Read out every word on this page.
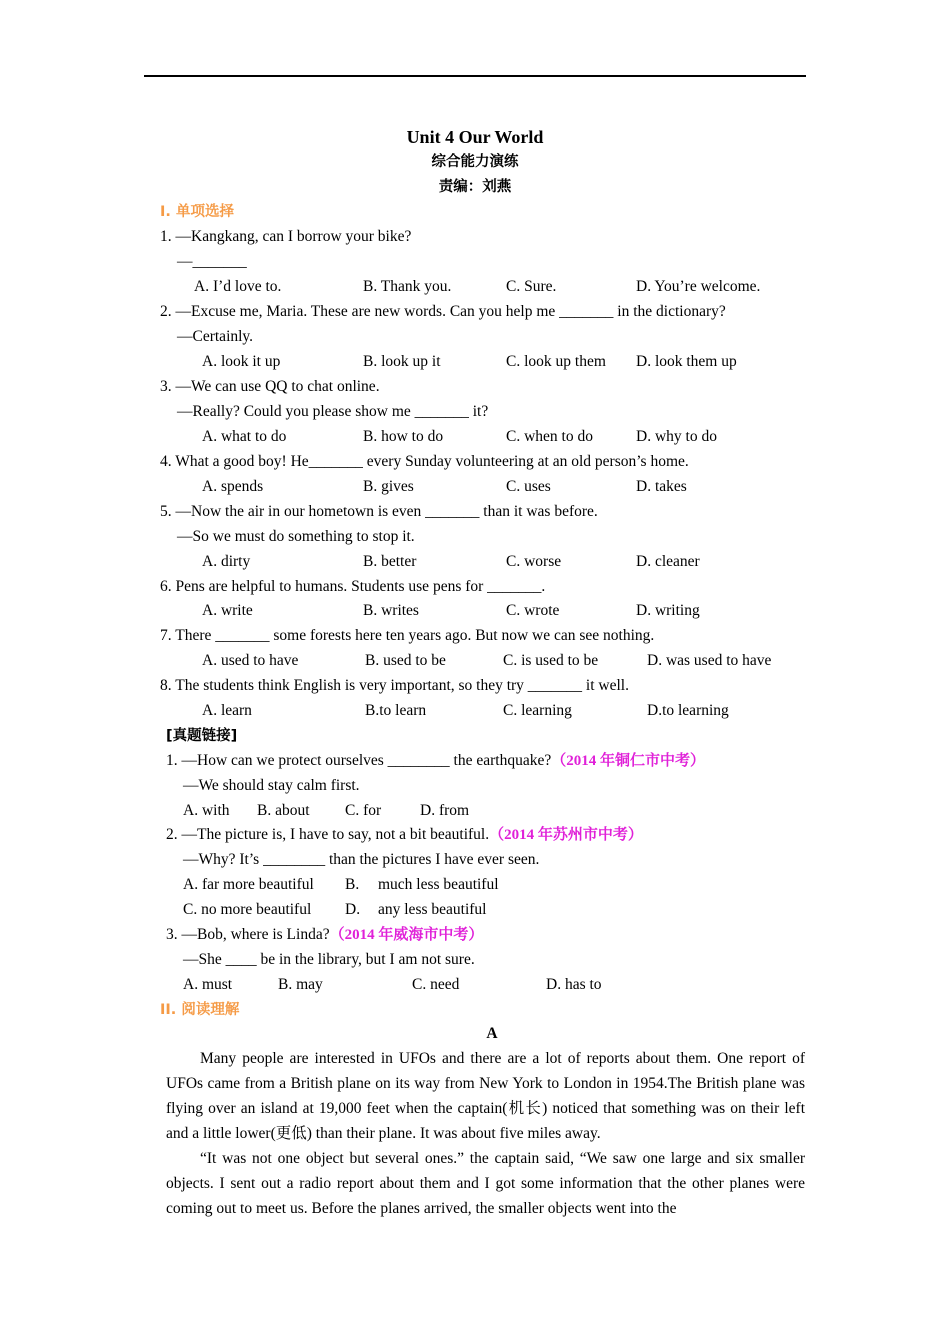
Unit 4 Our World
综合能力演练
责编：刘燕
I. 单项选择
1. —Kangkang, can I borrow your bike?
—_______
A. I’d love to.	B. Thank you.	C. Sure.	D. You’re welcome.
2. —Excuse me, Maria. These are new words. Can you help me _______ in the dictionary?
—Certainly.
A. look it up	B. look up it	C. look up them D. look them up
3. —We can use QQ to chat online.
—Really? Could you please show me _______ it?
A. what to do	B. how to do	C. when to do	D. why to do
4. What a good boy! He_______ every Sunday volunteering at an old person’s home.
A. spends	B. gives	C. uses	D. takes
5. —Now the air in our hometown is even _______ than it was before.
—So we must do something to stop it.
A. dirty	B. better	C. worse	D. cleaner
6. Pens are helpful to humans. Students use pens for _______.
A. write	B. writes	C. wrote	D. writing
7. There _______ some forests here ten years ago. But now we can see nothing.
A. used to have	B. used to be	C. is used to be	D. was used to have
8. The students think English is very important, so they try _______ it well.
A. learn	B.to learn	C. learning	D.to learning
[真题链接]
1. —How can we protect ourselves ________ the earthquake?（2014 年铜仁市中考）
—We should stay calm first.
A. with B. about C. for	D. from
2. —The picture is, I have to say, not a bit beautiful.（2014 年苏州市中考）
—Why? It’s ________ than the pictures I have ever seen.
A. far more beautiful B. much less beautiful
C. no more beautiful D. any less beautiful
3. —Bob, where is Linda?（2014 年威海市中考）
—She ____ be in the library, but I am not sure.
A. must	B. may	C. need	D. has to
II. 阅读理解
A
Many people are interested in UFOs and there are a lot of reports about them. One report of UFOs came from a British plane on its way from New York to London in 1954.The British plane was flying over an island at 19,000 feet when the captain(机长) noticed that something was on their left and a little lower(更低) than their plane. It was about five miles away.
“It was not one object but several ones.” the captain said, “We saw one large and six smaller objects. I sent out a radio report about them and I got some information that the other planes were coming out to meet us. Before the planes arrived, the smaller objects went into the
